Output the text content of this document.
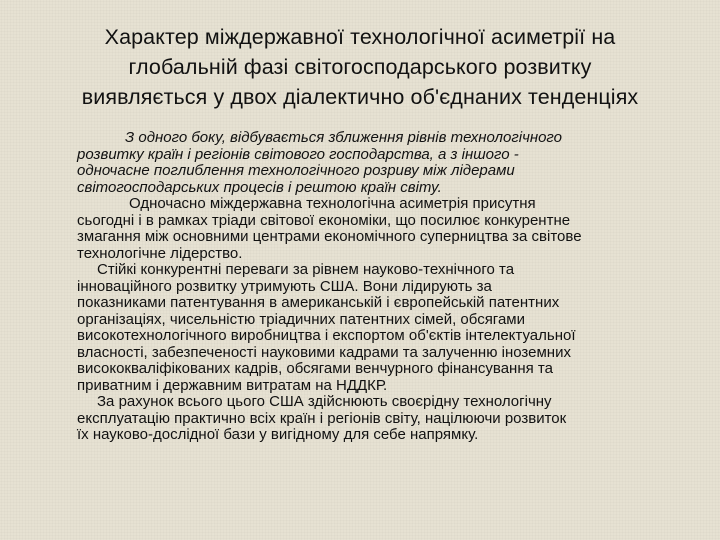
Характер міждержавної технологічної асиметрії на
глобальній фазі світогосподарського розвитку
виявляється у двох діалектично об'єднаних тенденціях

З одного боку, відбувається зближення рівнів технологічного
розвитку країн і регіонів світового господарства, а з іншого -
одночасне поглиблення технологічного розриву між лідерами
світогосподарських процесів і рештою країн світу.

Одночасно міждержавна технологічна асиметрія присутня
сьогодні і в рамках тріади світової економіки, що посилює конкурентне
змагання між основними центрами економічного суперництва за світове
технологічне лідерство.

Стійкі конкурентні переваги за рівнем науково-технічного та
інноваційного розвитку утримують США. Вони лідирують за
показниками патентування в американській і європейській патентних
організаціях, чисельністю тріадичних патентних сімей, обсягами
високотехнологічного виробництва і експортом об'єктів інтелектуальної
власності, забезпеченості науковими кадрами та залученню іноземних
висококваліфікованих кадрів, обсягами венчурного фінансування та
приватним і державним витратам на НДДКР.

За рахунок всього цього США здійснюють своєрідну технологічну
експлуатацію практично всіх країн і регіонів світу, націлюючи розвиток
їх науково-дослідної бази у вигідному для себе напрямку.
